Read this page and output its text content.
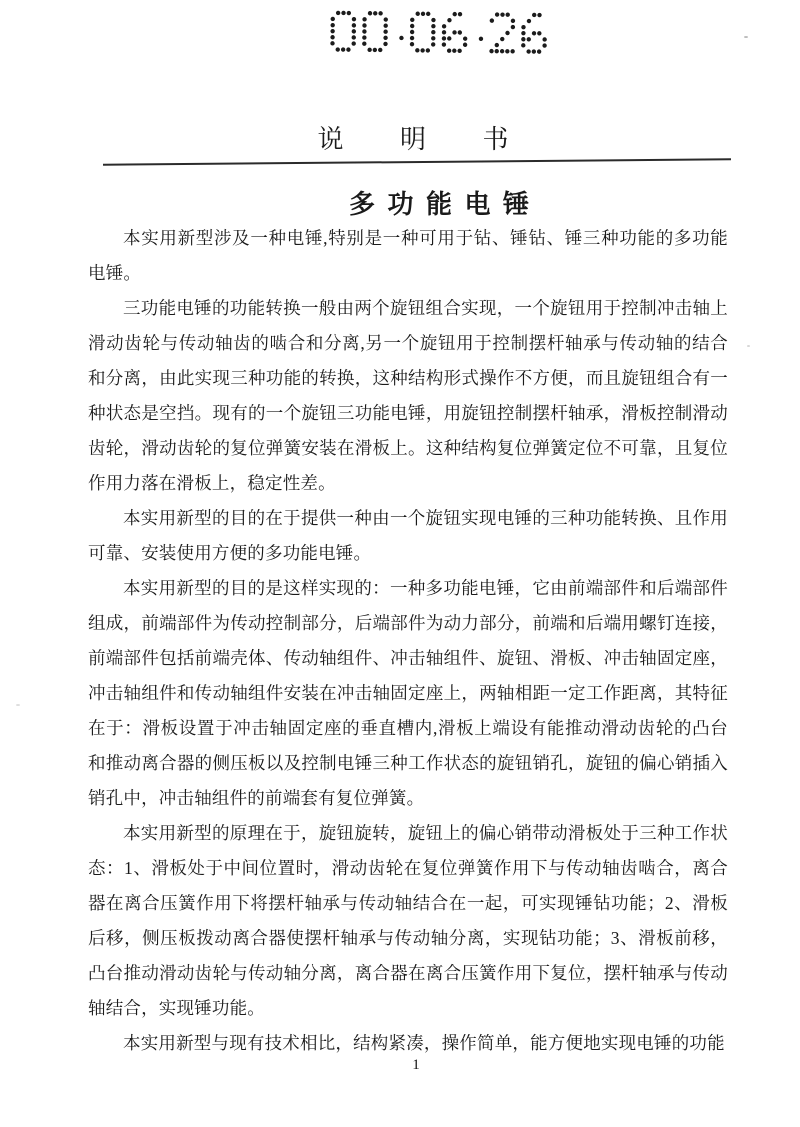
说 明 书
多 功 能 电 锤

本实用新型涉及一种电锤,特别是一种可用于钻、锤钻、锤三种功能的多功能电锤。

三功能电锤的功能转换一般由两个旋钮组合实现，一个旋钮用于控制冲击轴上滑动齿轮与传动轴齿的啮合和分离,另一个旋钮用于控制摆杆轴承与传动轴的结合和分离，由此实现三种功能的转换，这种结构形式操作不方便，而且旋钮组合有一种状态是空挡。现有的一个旋钮三功能电锤，用旋钮控制摆杆轴承，滑板控制滑动齿轮，滑动齿轮的复位弹簧安装在滑板上。这种结构复位弹簧定位不可靠，且复位作用力落在滑板上，稳定性差。

本实用新型的目的在于提供一种由一个旋钮实现电锤的三种功能转换、且作用可靠、安装使用方便的多功能电锤。

本实用新型的目的是这样实现的：一种多功能电锤，它由前端部件和后端部件组成，前端部件为传动控制部分，后端部件为动力部分，前端和后端用螺钉连接，前端部件包括前端壳体、传动轴组件、冲击轴组件、旋钮、滑板、冲击轴固定座，冲击轴组件和传动轴组件安装在冲击轴固定座上，两轴相距一定工作距离，其特征在于：滑板设置于冲击轴固定座的垂直槽内,滑板上端设有能推动滑动齿轮的凸台和推动离合器的侧压板以及控制电锤三种工作状态的旋钮销孔，旋钮的偏心销插入销孔中，冲击轴组件的前端套有复位弹簧。

本实用新型的原理在于，旋钮旋转，旋钮上的偏心销带动滑板处于三种工作状态：1、滑板处于中间位置时，滑动齿轮在复位弹簧作用下与传动轴齿啮合，离合器在离合压簧作用下将摆杆轴承与传动轴结合在一起，可实现锤钻功能；2、滑板后移，侧压板拨动离合器使摆杆轴承与传动轴分离，实现钻功能；3、滑板前移，凸台推动滑动齿轮与传动轴分离，离合器在离合压簧作用下复位，摆杆轴承与传动轴结合，实现锤功能。

本实用新型与现有技术相比，结构紧凑，操作简单，能方便地实现电锤的功能

1
